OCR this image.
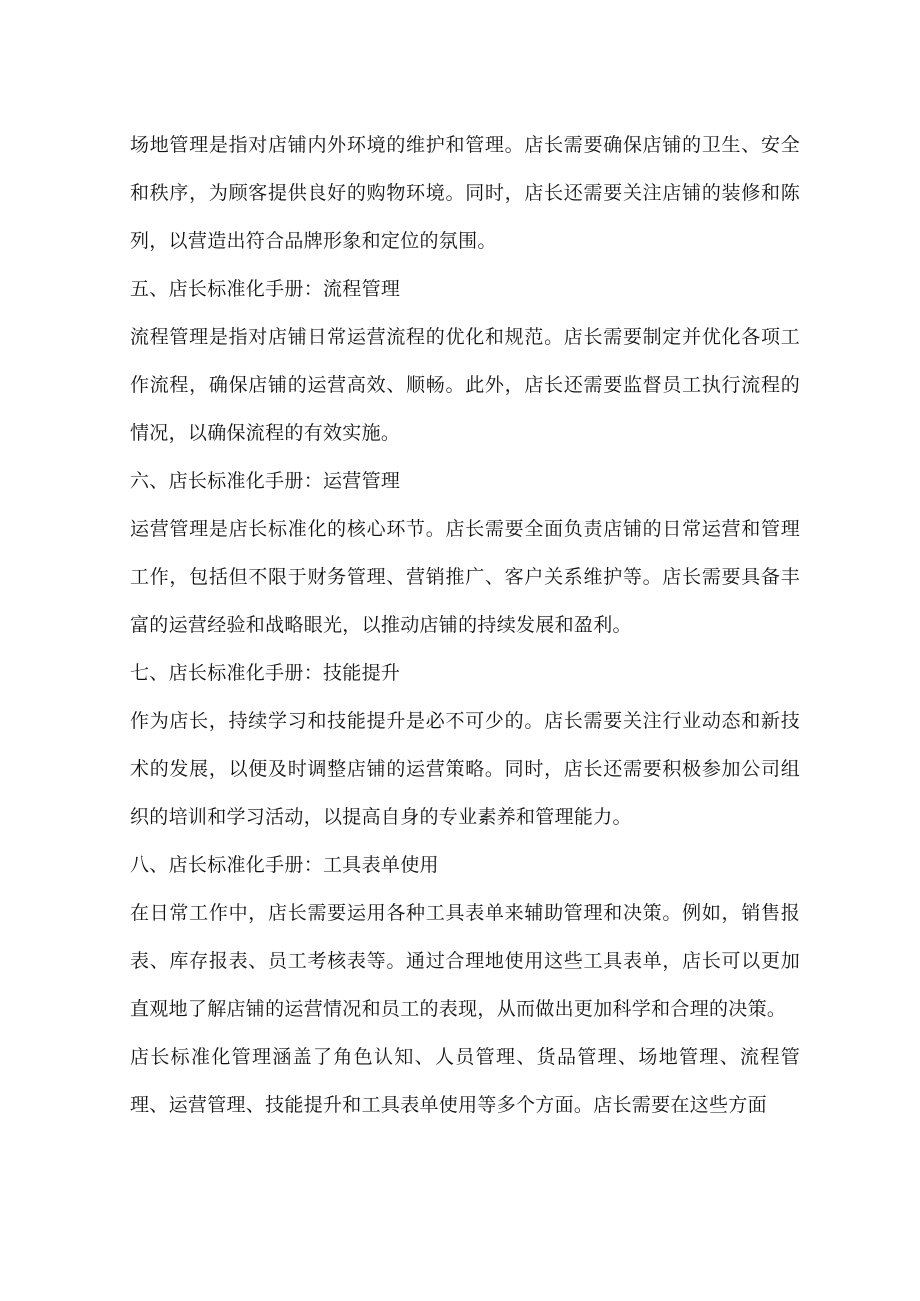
场地管理是指对店铺内外环境的维护和管理。店长需要确保店铺的卫生、安全和秩序，为顾客提供良好的购物环境。同时，店长还需要关注店铺的装修和陈列，以营造出符合品牌形象和定位的氛围。

五、店长标准化手册：流程管理

流程管理是指对店铺日常运营流程的优化和规范。店长需要制定并优化各项工作流程，确保店铺的运营高效、顺畅。此外，店长还需要监督员工执行流程的情况，以确保流程的有效实施。

六、店长标准化手册：运营管理

运营管理是店长标准化的核心环节。店长需要全面负责店铺的日常运营和管理工作，包括但不限于财务管理、营销推广、客户关系维护等。店长需要具备丰富的运营经验和战略眼光，以推动店铺的持续发展和盈利。

七、店长标准化手册：技能提升

作为店长，持续学习和技能提升是必不可少的。店长需要关注行业动态和新技术的发展，以便及时调整店铺的运营策略。同时，店长还需要积极参加公司组织的培训和学习活动，以提高自身的专业素养和管理能力。

八、店长标准化手册：工具表单使用

在日常工作中，店长需要运用各种工具表单来辅助管理和决策。例如，销售报表、库存报表、员工考核表等。通过合理地使用这些工具表单，店长可以更加直观地了解店铺的运营情况和员工的表现，从而做出更加科学和合理的决策。

店长标准化管理涵盖了角色认知、人员管理、货品管理、场地管理、流程管理、运营管理、技能提升和工具表单使用等多个方面。店长需要在这些方面
